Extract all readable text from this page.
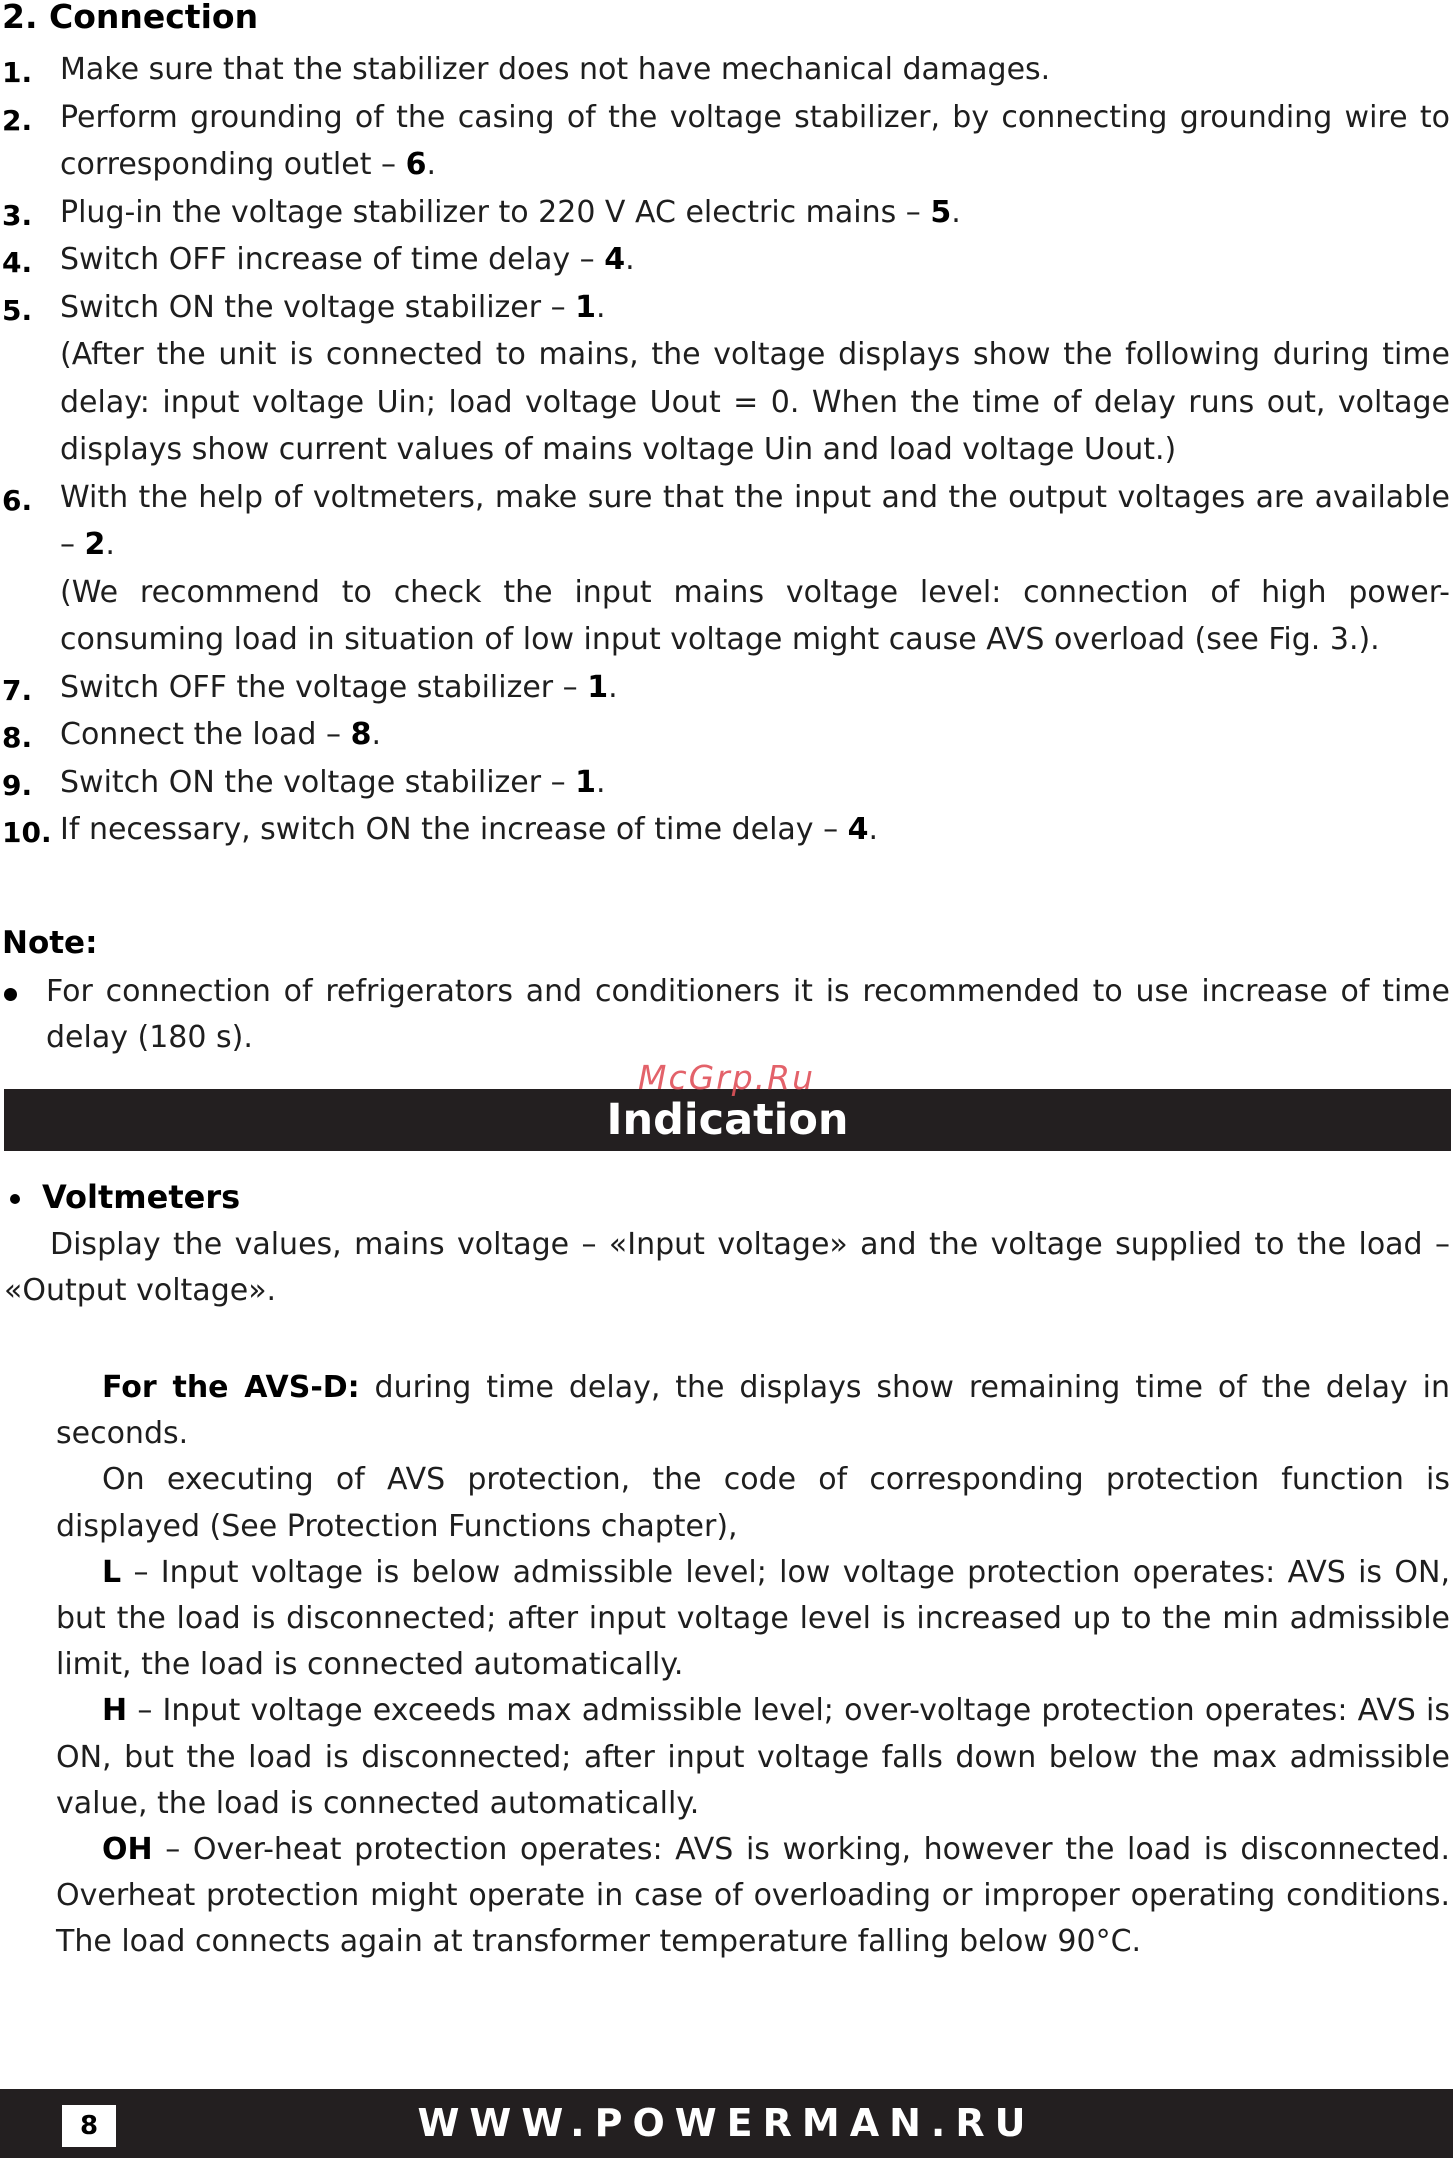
2. Connection
1. Make sure that the stabilizer does not have mechanical damages.
2. Perform grounding of the casing of the voltage stabilizer, by connecting grounding wire to corresponding outlet – 6.
3. Plug-in the voltage stabilizer to 220 V AC electric mains – 5.
4. Switch OFF increase of time delay – 4.
5. Switch ON the voltage stabilizer – 1.
(After the unit is connected to mains, the voltage displays show the following during time delay: input voltage Uin; load voltage Uout = 0. When the time of delay runs out, voltage displays show current values of mains voltage Uin and load voltage Uout.)
6. With the help of voltmeters, make sure that the input and the output voltages are available – 2.
(We recommend to check the input mains voltage level: connection of high power-consuming load in situation of low input voltage might cause AVS overload (see Fig. 3.).
7. Switch OFF the voltage stabilizer – 1.
8. Connect the load – 8.
9. Switch ON the voltage stabilizer – 1.
10. If necessary, switch ON the increase of time delay – 4.
Note:
For connection of refrigerators and conditioners it is recommended to use increase of time delay (180 s).
McGrp.Ru
Indication
Voltmeters
Display the values, mains voltage – «Input voltage» and the voltage supplied to the load – «Output voltage».

For the AVS-D: during time delay, the displays show remaining time of the delay in seconds.

On executing of AVS protection, the code of corresponding protection function is displayed (See Protection Functions chapter),

L – Input voltage is below admissible level; low voltage protection operates: AVS is ON, but the load is disconnected; after input voltage level is increased up to the min admissible limit, the load is connected automatically.

H – Input voltage exceeds max admissible level; over-voltage protection operates: AVS is ON, but the load is disconnected; after input voltage falls down below the max admissible value, the load is connected automatically.

OH – Over-heat protection operates: AVS is working, however the load is disconnected. Overheat protection might operate in case of overloading or improper operating conditions. The load connects again at transformer temperature falling below 90°C.

8	WWW.POWERMAN.RU
